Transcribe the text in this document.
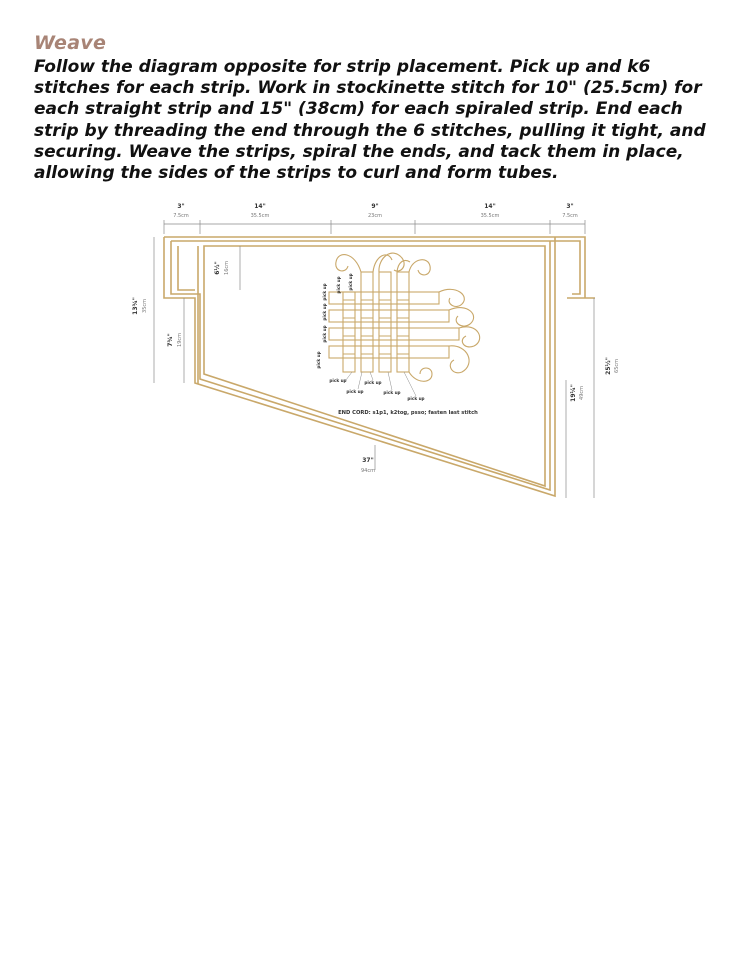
Weave
Follow the diagram opposite for strip placement. Pick up and k6 stitches for each strip. Work in stockinette stitch for 10" (25.5cm) for each straight strip and 15" (38cm) for each spiraled strip. End each strip by threading the end through the 6 stitches, pulling it tight, and securing. Weave the strips, spiral the ends, and tack them in place, allowing the sides of the strips to curl and form tubes.
3"
7.5cm
14"
35.5cm
9"
23cm
14"
35.5cm
3"
7.5cm
13¾" 35cm
7¾" 19cm
6½" 16cm
25½" 65cm
19¼" 49cm
37"
94cm
pick up
pick up
pick up
pick up
pick up pick up
pick up	pick up
pick up	pick up
pick up
END CORD: s1p1, k2tog, psso; fasten last stitch
